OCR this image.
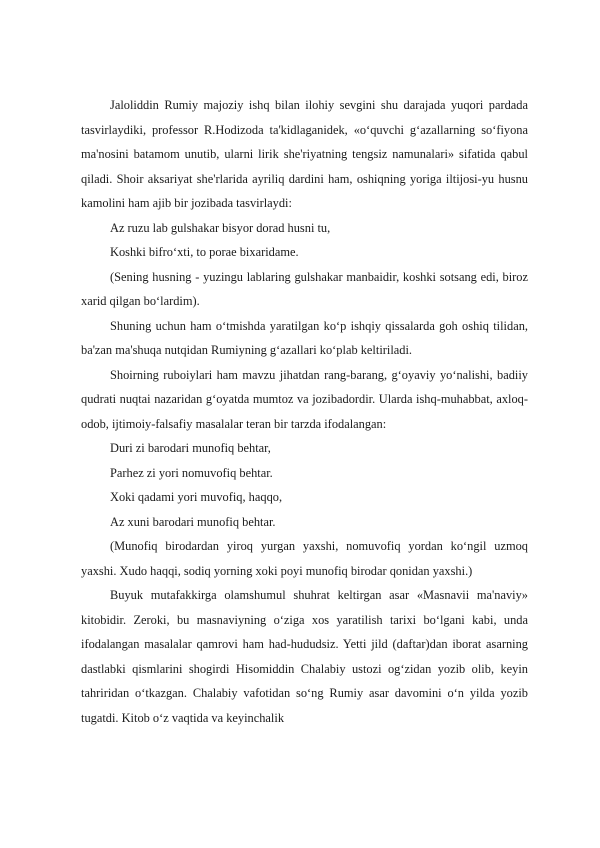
Jaloliddin Rumiy majoziy ishq bilan ilohiy sevgini shu darajada yuqori pardada tasvirlaydiki, professor R.Hodizoda ta'kidlaganidek, «o‘quvchi g‘azallarning so‘fiyona ma'nosini batamom unutib, ularni lirik she'riyatning tengsiz namunalari» sifatida qabul qiladi. Shoir aksariyat she'rlarida ayriliq dardini ham, oshiqning yoriga iltijosi-yu husnu kamolini ham ajib bir jozibada tasvirlaydi:

Az ruzu lab gulshakar bisyor dorad husni tu,

Koshki bifro‘xti, to porae bixaridame.

(Sening husning - yuzingu lablaring gulshakar manbaidir, koshki sotsang edi, biroz xarid qilgan bo‘lardim).

Shuning uchun ham o‘tmishda yaratilgan ko‘p ishqiy qissalarda goh oshiq tilidan, ba'zan ma'shuqa nutqidan Rumiyning g‘azallari ko‘plab keltiriladi.

Shoirning ruboiylari ham mavzu jihatdan rang-barang, g‘oyaviy yo‘nalishi, badiiy qudrati nuqtai nazaridan g‘oyatda mumtoz va jozibadordir. Ularda ishq-muhabbat, axloq-odob, ijtimoiy-falsafiy masalalar teran bir tarzda ifodalangan:

Duri zi barodari munofiq behtar,

Parhez zi yori nomuvofiq behtar.

Xoki qadami yori muvofiq, haqqo,

Az xuni barodari munofiq behtar.

(Munofiq birodardan yiroq yurgan yaxshi, nomuvofiq yordan ko‘ngil uzmoq yaxshi. Xudo haqqi, sodiq yorning xoki poyi munofiq birodar qonidan yaxshi.)

Buyuk mutafakkirga olamshumul shuhrat keltirgan asar «Masnavii ma'naviy» kitobidir. Zeroki, bu masnaviyning o‘ziga xos yaratilish tarixi bo‘lgani kabi, unda ifodalangan masalalar qamrovi ham had-hududsiz. Yetti jild (daftar)dan iborat asarning dastlabki qismlarini shogirdi Hisomiddin Chalabiy ustozi og‘zidan yozib olib, keyin tahriridan o‘tkazgan. Chalabiy vafotidan so‘ng Rumiy asar davomini o‘n yilda yozib tugatdi. Kitob o‘z vaqtida va keyinchalik
